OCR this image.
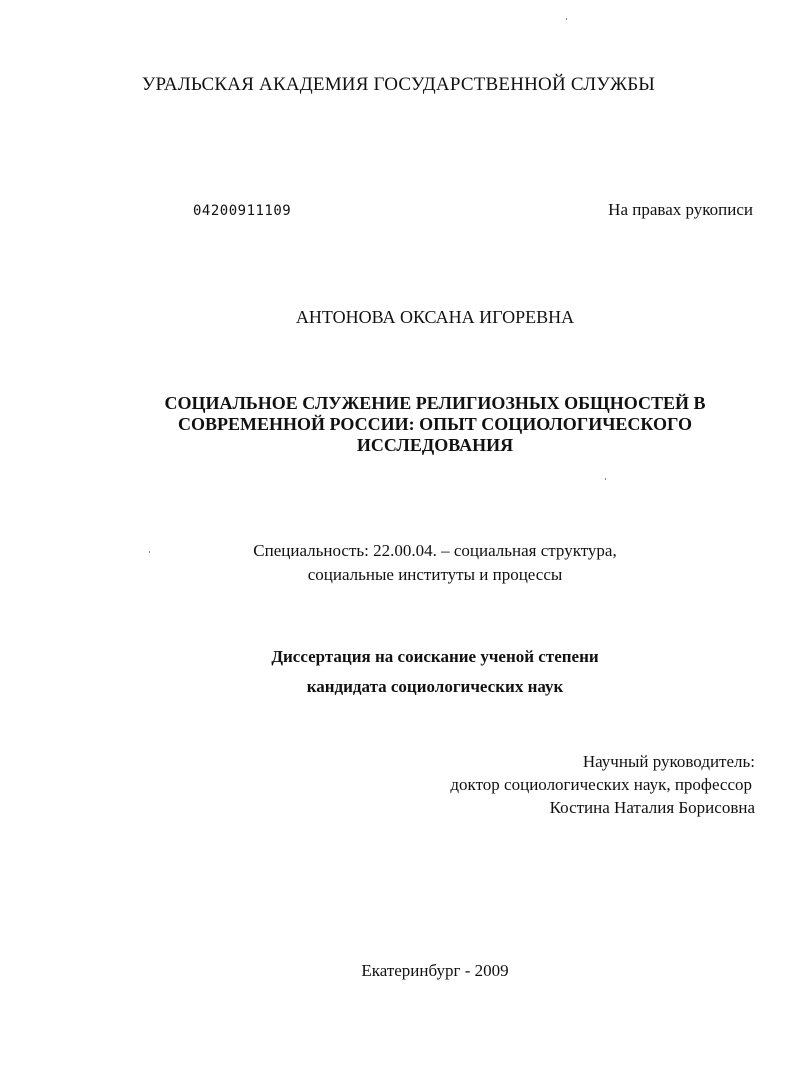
УРАЛЬСКАЯ АКАДЕМИЯ ГОСУДАРСТВЕННОЙ СЛУЖБЫ
04200911109	На правах рукописи
АНТОНОВА ОКСАНА ИГОРЕВНА
СОЦИАЛЬНОЕ СЛУЖЕНИЕ РЕЛИГИОЗНЫХ ОБЩНОСТЕЙ В
СОВРЕМЕННОЙ РОССИИ: ОПЫТ СОЦИОЛОГИЧЕСКОГО
ИССЛЕДОВАНИЯ
Специальность: 22.00.04. – социальная структура,
социальные институты и процессы
Диссертация на соискание ученой степени
кандидата социологических наук
Научный руководитель:
доктор социологических наук, профессор
Костина Наталия Борисовна
Екатеринбург - 2009
